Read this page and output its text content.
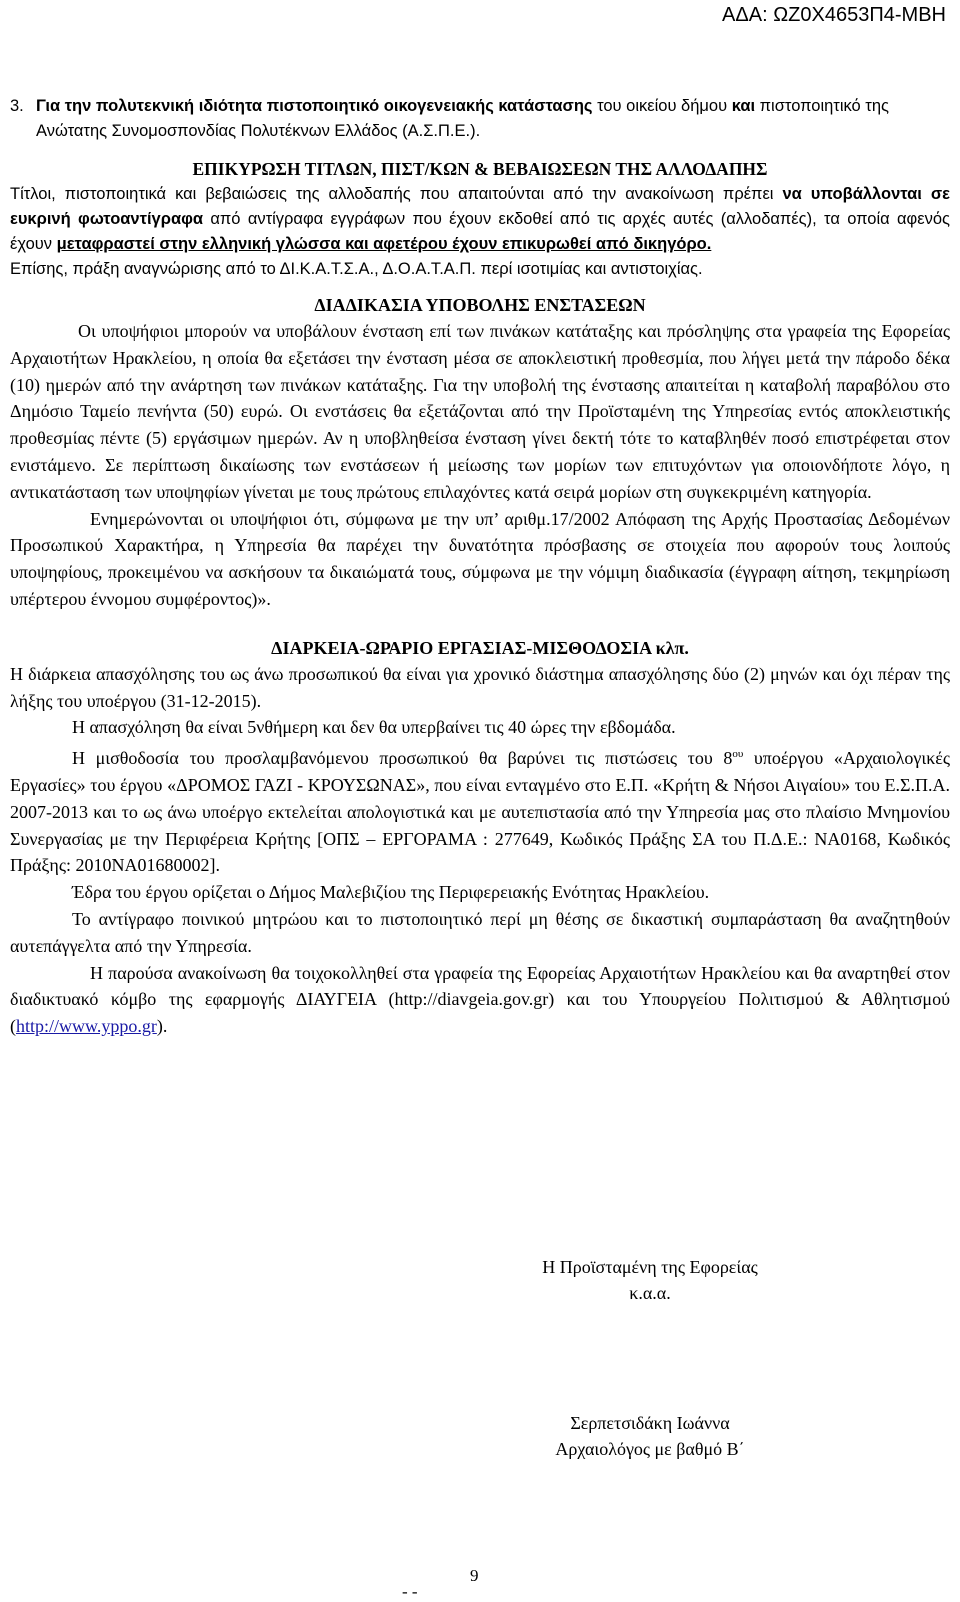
ΑΔΑ: ΩΖ0Χ4653Π4-ΜΒΗ

3. Για την πολυτεκνική ιδιότητα πιστοποιητικό οικογενειακής κατάστασης του οικείου δήμου και πιστοποιητικό της Ανώτατης Συνομοσπονδίας Πολυτέκνων Ελλάδος (Α.Σ.Π.Ε.).

ΕΠΙΚΥΡΩΣΗ ΤΙΤΛΩΝ, ΠΙΣΤ/ΚΩΝ & ΒΕΒΑΙΩΣΕΩΝ ΤΗΣ ΑΛΛΟΔΑΠΗΣ

Τίτλοι, πιστοποιητικά και βεβαιώσεις της αλλοδαπής που απαιτούνται από την ανακοίνωση πρέπει να υποβάλλονται σε ευκρινή φωτοαντίγραφα από αντίγραφα εγγράφων που έχουν εκδοθεί από τις αρχές αυτές (αλλοδαπές), τα οποία αφενός έχουν μεταφραστεί στην ελληνική γλώσσα και αφετέρου έχουν επικυρωθεί από δικηγόρο.

Επίσης, πράξη αναγνώρισης από το ΔΙ.Κ.Α.Τ.Σ.Α., Δ.Ο.Α.Τ.Α.Π. περί ισοτιμίας και αντιστοιχίας.

ΔΙΑΔΙΚΑΣΙΑ ΥΠΟΒΟΛΗΣ ΕΝΣΤΑΣΕΩΝ

Οι υποψήφιοι μπορούν να υποβάλουν ένσταση επί των πινάκων κατάταξης και πρόσληψης στα γραφεία της Εφορείας Αρχαιοτήτων Ηρακλείου, η οποία θα εξετάσει την ένσταση μέσα σε αποκλειστική προθεσμία, που λήγει μετά την πάροδο δέκα (10) ημερών από την ανάρτηση των πινάκων κατάταξης. Για την υποβολή της ένστασης απαιτείται η καταβολή παραβόλου στο Δημόσιο Ταμείο πενήντα (50) ευρώ. Οι ενστάσεις θα εξετάζονται από την Προϊσταμένη της Υπηρεσίας εντός αποκλειστικής προθεσμίας πέντε (5) εργάσιμων ημερών. Αν η υποβληθείσα ένσταση γίνει δεκτή τότε το καταβληθέν ποσό επιστρέφεται στον ενιστάμενο. Σε περίπτωση δικαίωσης των ενστάσεων ή μείωσης των μορίων των επιτυχόντων για οποιονδήποτε λόγο, η αντικατάσταση των υποψηφίων γίνεται με τους πρώτους επιλαχόντες κατά σειρά μορίων στη συγκεκριμένη κατηγορία.

Ενημερώνονται οι υποψήφιοι ότι, σύμφωνα με την υπ’ αριθμ.17/2002 Απόφαση της Αρχής Προστασίας Δεδομένων Προσωπικού Χαρακτήρα, η Υπηρεσία θα παρέχει την δυνατότητα πρόσβασης σε στοιχεία που αφορούν τους λοιπούς υποψηφίους, προκειμένου να ασκήσουν τα δικαιώματά τους, σύμφωνα με την νόμιμη διαδικασία (έγγραφη αίτηση, τεκμηρίωση υπέρτερου έννομου συμφέροντος)».

ΔΙΑΡΚΕΙΑ-ΩΡΑΡΙΟ ΕΡΓΑΣΙΑΣ-ΜΙΣΘΟΔΟΣΙΑ κλπ.

Η διάρκεια απασχόλησης του ως άνω προσωπικού θα είναι για χρονικό διάστημα απασχόλησης δύο (2) μηνών και όχι πέραν της λήξης του υποέργου (31-12-2015).

Η απασχόληση θα είναι 5νθήμερη και δεν θα υπερβαίνει τις 40 ώρες την εβδομάδα.

Η μισθοδοσία του προσλαμβανόμενου προσωπικού θα βαρύνει τις πιστώσεις του $8^{o\upsilon}$ υποέργου «Αρχαιολογικές Εργασίες» του έργου «ΔΡΟΜΟΣ ΓΑΖΙ - ΚΡΟΥΣΩΝΑΣ», που είναι ενταγμένο στο Ε.Π. «Κρήτη & Νήσοι Αιγαίου» του Ε.Σ.Π.Α. 2007-2013 και το ως άνω υποέργο εκτελείται απολογιστικά και με αυτεπιστασία από την Υπηρεσία μας στο πλαίσιο Μνημονίου Συνεργασίας με την Περιφέρεια Κρήτης [ΟΠΣ – ΕΡΓΟΡΑΜΑ : 277649, Κωδικός Πράξης ΣΑ του Π.Δ.Ε.: ΝΑ0168, Κωδικός Πράξης: 2010ΝΑ01680002].

Έδρα του έργου ορίζεται ο Δήμος Μαλεβιζίου της Περιφερειακής Ενότητας Ηρακλείου.

Το αντίγραφο ποινικού μητρώου και το πιστοποιητικό περί μη θέσης σε δικαστική συμπαράσταση θα αναζητηθούν αυτεπάγγελτα από την Υπηρεσία.

Η παρούσα ανακοίνωση θα τοιχοκολληθεί στα γραφεία της Εφορείας Αρχαιοτήτων Ηρακλείου και θα αναρτηθεί στον διαδικτυακό κόμβο της εφαρμογής ΔΙΑΥΓΕΙΑ (http://diavgeia.gov.gr) και του Υπουργείου Πολιτισμού & Αθλητισμού (http://www.yppo.gr).

Η Προϊσταμένη της Εφορείας
κ.α.α.
Σερπετσιδάκη Ιωάννα
Αρχαιολόγος με βαθμό Β΄
- -
9
